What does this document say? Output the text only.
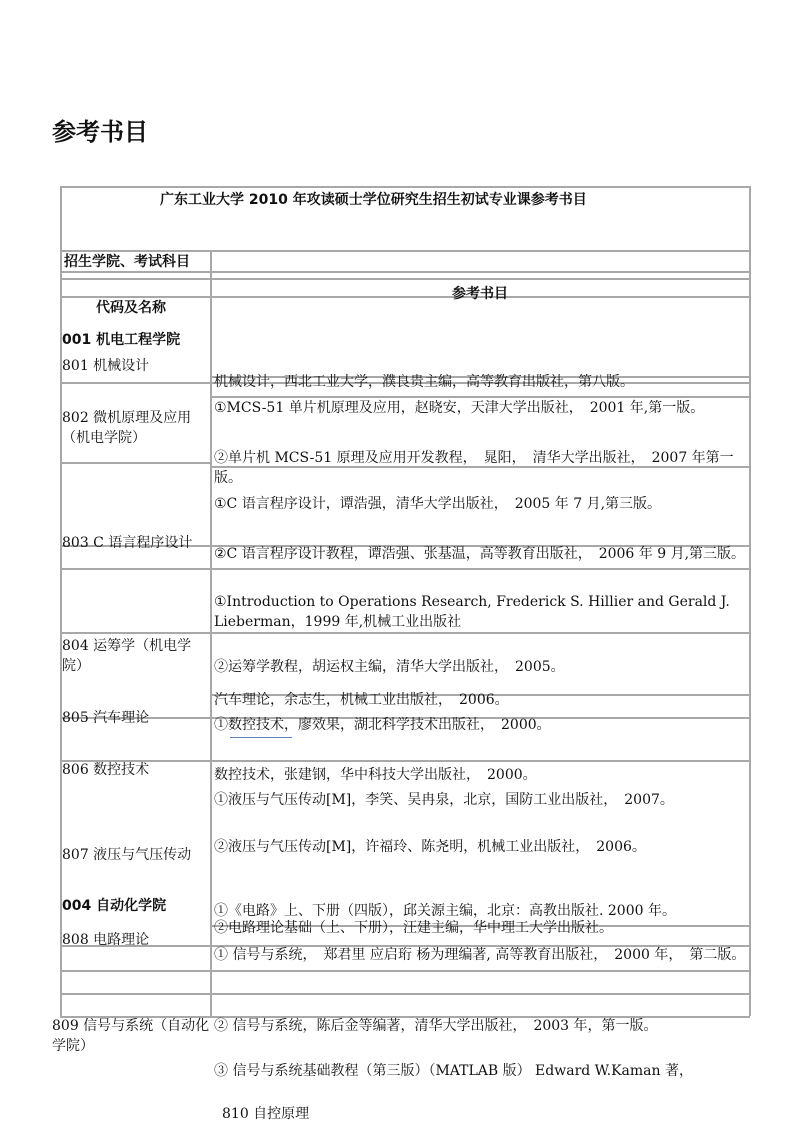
参考书目
广东工业大学 2010 年攻读硕士学位研究生招生初试专业课参考书目
招生学院、考试科目
代码及名称
参考书目
001 机电工程学院
004 自动化学院
801 机械设计
802 微机原理及应用（机电学院）
803 C 语言程序设计
804 运筹学（机电学院）
805 汽车理论
806 数控技术
807 液压与气压传动
808 电路理论
809 信号与系统（自动化学院）
810 自控原理
机械设计，西北工业大学，濮良贵主编，高等教育出版社，第八版。
①MCS-51 单片机原理及应用，赵晓安，天津大学出版社，　2001 年,第一版。
②单片机 MCS-51 原理及应用开发教程，　晁阳，　清华大学出版社，　2007 年第一版。
①C 语言程序设计，谭浩强，清华大学出版社，　2005 年 7 月,第三版。
②C 语言程序设计教程，谭浩强、张基温，高等教育出版社，　2006 年 9 月,第三版。
①Introduction to Operations Research, Frederick S. Hillier and Gerald J. Lieberman，1999 年,机械工业出版社
②运筹学教程，胡运权主编，清华大学出版社，　2005。
汽车理论，余志生，机械工业出版社，　2006。
①数控技术，廖效果，湖北科学技术出版社，　2000。
数控技术，张建钢，华中科技大学出版社，　2000。
①液压与气压传动[M]，李笑、吴冉泉，北京，国防工业出版社，　2007。
②液压与气压传动[M]，许福玲、陈尧明，机械工业出版社，　2006。
①《电路》上、下册（四版），邱关源主编，北京：高教出版社. 2000 年。
②电路理论基础（上、下册），汪建主编，华中理工大学出版社。
① 信号与系统，　郑君里 应启珩 杨为理编著, 高等教育出版社，　2000 年，　第二版。
② 信号与系统，陈后金等编著，清华大学出版社，　2003 年，第一版。
③ 信号与系统基础教程（第三版）（MATLAB 版） Edward W.Kaman 著，
